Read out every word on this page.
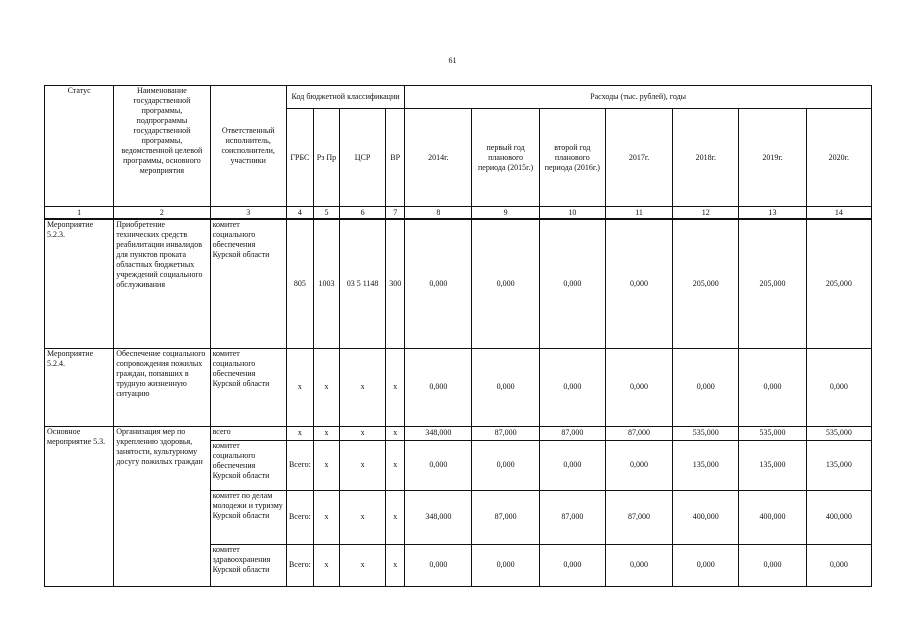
61
Статус	Наименование государственной программы, подпрограммы государственной программы, ведомственной целевой программы, основного мероприятия	Ответственный исполнитель, соисполнители, участники	Код бюджетной классификации				Расходы (тыс. рублей), годы						
			ГРБС	Рз Пр	ЦСР	ВР	2014г.	первый год планового периода (2015г.)	второй год планового периода (2016г.)	2017г.	2018г.	2019г.	2020г.
1	2	3	4	5	6	7	8	9	10	11	12	13	14
Мероприятие 5.2.3.	Приобретение технических средств реабилитации инвалидов для пунктов проката областных бюджетных учреждений социального обслуживания	комитет социального обеспечения Курской области	805	1003	03 5 1148	300	0,000	0,000	0,000	0,000	205,000	205,000	205,000
Мероприятие 5.2.4.	Обеспечение социального сопровождения пожилых граждан, попавших в трудную жизненную ситуацию	комитет социального обеспечения Курской области	х	х	х	х	0,000	0,000	0,000	0,000	0,000	0,000	0,000
Основное мероприятие 5.3.	Организация мер по укреплению здоровья, занятости, культурному досугу пожилых граждан	всего	х	х	х	х	348,000	87,000	87,000	87,000	535,000	535,000	535,000
		комитет социального обеспечения Курской области	Всего:	х	х	х	0,000	0,000	0,000	0,000	135,000	135,000	135,000
		комитет по делам молодежи и туризму Курской области	Всего:	х	х	х	348,000	87,000	87,000	87,000	400,000	400,000	400,000
		комитет здравоохранения Курской области	Всего:	х	х	х	0,000	0,000	0,000	0,000	0,000	0,000	0,000
